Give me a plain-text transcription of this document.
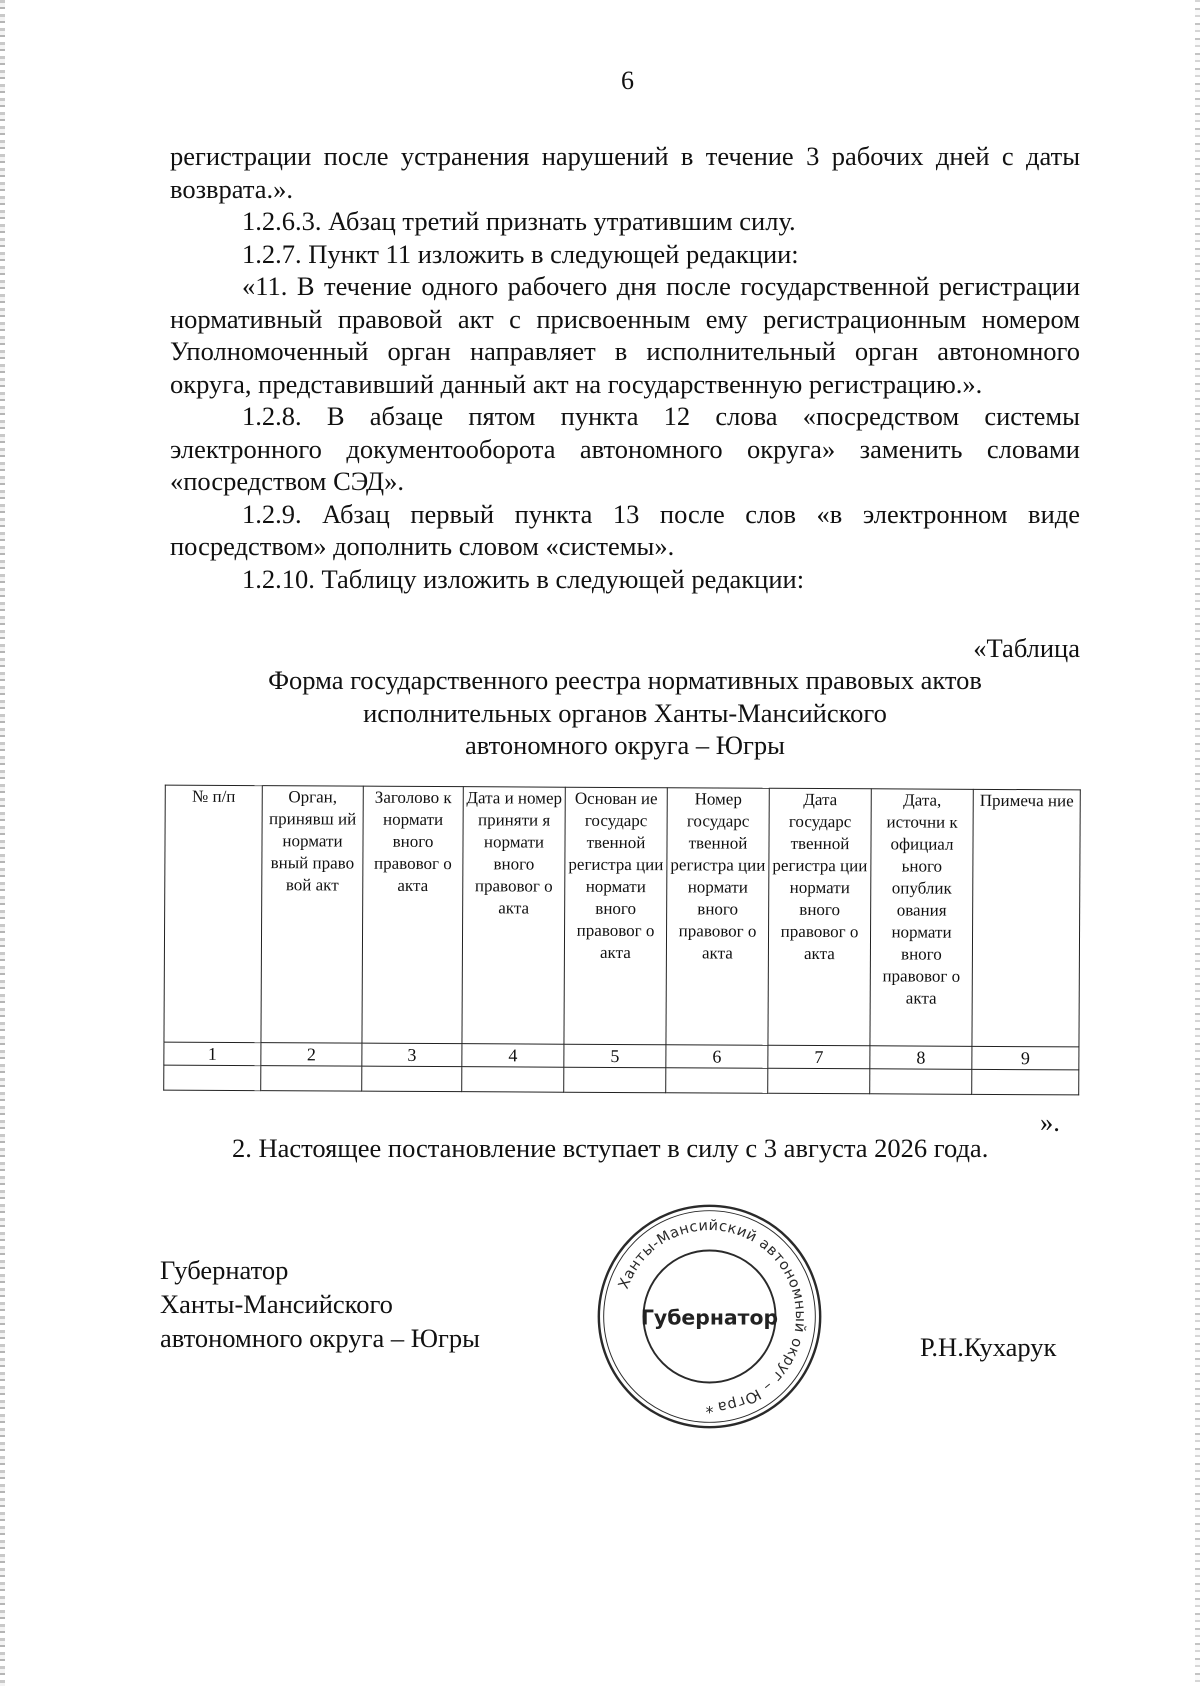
6

регистрации после устранения нарушений в течение 3 рабочих дней с даты возврата.».

1.2.6.3. Абзац третий признать утратившим силу.

1.2.7. Пункт 11 изложить в следующей редакции:

«11. В течение одного рабочего дня после государственной регистрации нормативный правовой акт с присвоенным ему регистрационным номером Уполномоченный орган направляет в исполнительный орган автономного округа, представивший данный акт на государственную регистрацию.».

1.2.8. В абзаце пятом пункта 12 слова «посредством системы электронного документооборота автономного округа» заменить словами «посредством СЭД».

1.2.9. Абзац первый пункта 13 после слов «в электронном виде посредством» дополнить словом «системы».

1.2.10. Таблицу изложить в следующей редакции:

«Таблица
Форма государственного реестра нормативных правовых актов
исполнительных органов Ханты-Мансийского
автономного округа – Югры
№ п/п	Орган, принявш ий нормати вный право вой акт	Заголово к нормати вного правовог о акта	Дата и номер приняти я нормати вного правовог о акта	Основан ие государс твенной регистра ции нормати вного правовог о акта	Номер государс твенной регистра ции нормати вного правовог о акта	Дата государс твенной регистра ции нормати вного правовог о акта	Дата, источни к официал ьного опублик ования нормати вного правовог о акта	Примеча ние
1	2	3	4	5	6	7	8	9

».
2. Настоящее постановление вступает в силу с 3 августа 2026 года.
Губернатор
Ханты-Мансийского
автономного округа – Югры
Ханты-Мансийский автономный округ – Югра
Губернатор
*
Р.Н.Кухарук
